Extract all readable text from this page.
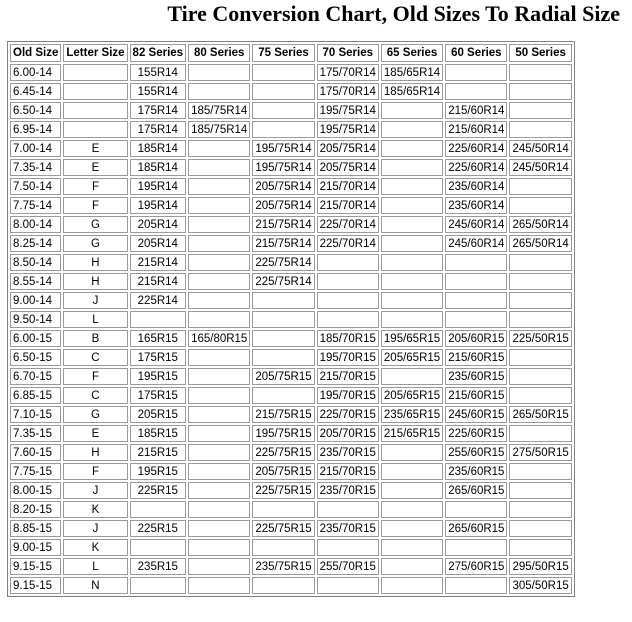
Tire Conversion Chart, Old Sizes To Radial Size
Old Size	Letter Size	82 Series	80 Series	75 Series	70 Series	65 Series	60 Series	50 Series
6.00-14		155R14			175/70R14	185/65R14		
6.45-14		155R14			175/70R14	185/65R14		
6.50-14		175R14	185/75R14		195/75R14		215/60R14	
6.95-14		175R14	185/75R14		195/75R14		215/60R14	
7.00-14	E	185R14		195/75R14	205/75R14		225/60R14	245/50R14
7.35-14	E	185R14		195/75R14	205/75R14		225/60R14	245/50R14
7.50-14	F	195R14		205/75R14	215/70R14		235/60R14	
7.75-14	F	195R14		205/75R14	215/70R14		235/60R14	
8.00-14	G	205R14		215/75R14	225/70R14		245/60R14	265/50R14
8.25-14	G	205R14		215/75R14	225/70R14		245/60R14	265/50R14
8.50-14	H	215R14		225/75R14				
8.55-14	H	215R14		225/75R14				
9.00-14	J	225R14						
9.50-14	L							
6.00-15	B	165R15	165/80R15		185/70R15	195/65R15	205/60R15	225/50R15
6.50-15	C	175R15			195/70R15	205/65R15	215/60R15	
6.70-15	F	195R15		205/75R15	215/70R15		235/60R15	
6.85-15	C	175R15			195/70R15	205/65R15	215/60R15	
7.10-15	G	205R15		215/75R15	225/70R15	235/65R15	245/60R15	265/50R15
7.35-15	E	185R15		195/75R15	205/70R15	215/65R15	225/60R15	
7.60-15	H	215R15		225/75R15	235/70R15		255/60R15	275/50R15
7.75-15	F	195R15		205/75R15	215/70R15		235/60R15	
8.00-15	J	225R15		225/75R15	235/70R15		265/60R15	
8.20-15	K							
8.85-15	J	225R15		225/75R15	235/70R15		265/60R15	
9.00-15	K							
9.15-15	L	235R15		235/75R15	255/70R15		275/60R15	295/50R15
9.15-15	N							305/50R15
